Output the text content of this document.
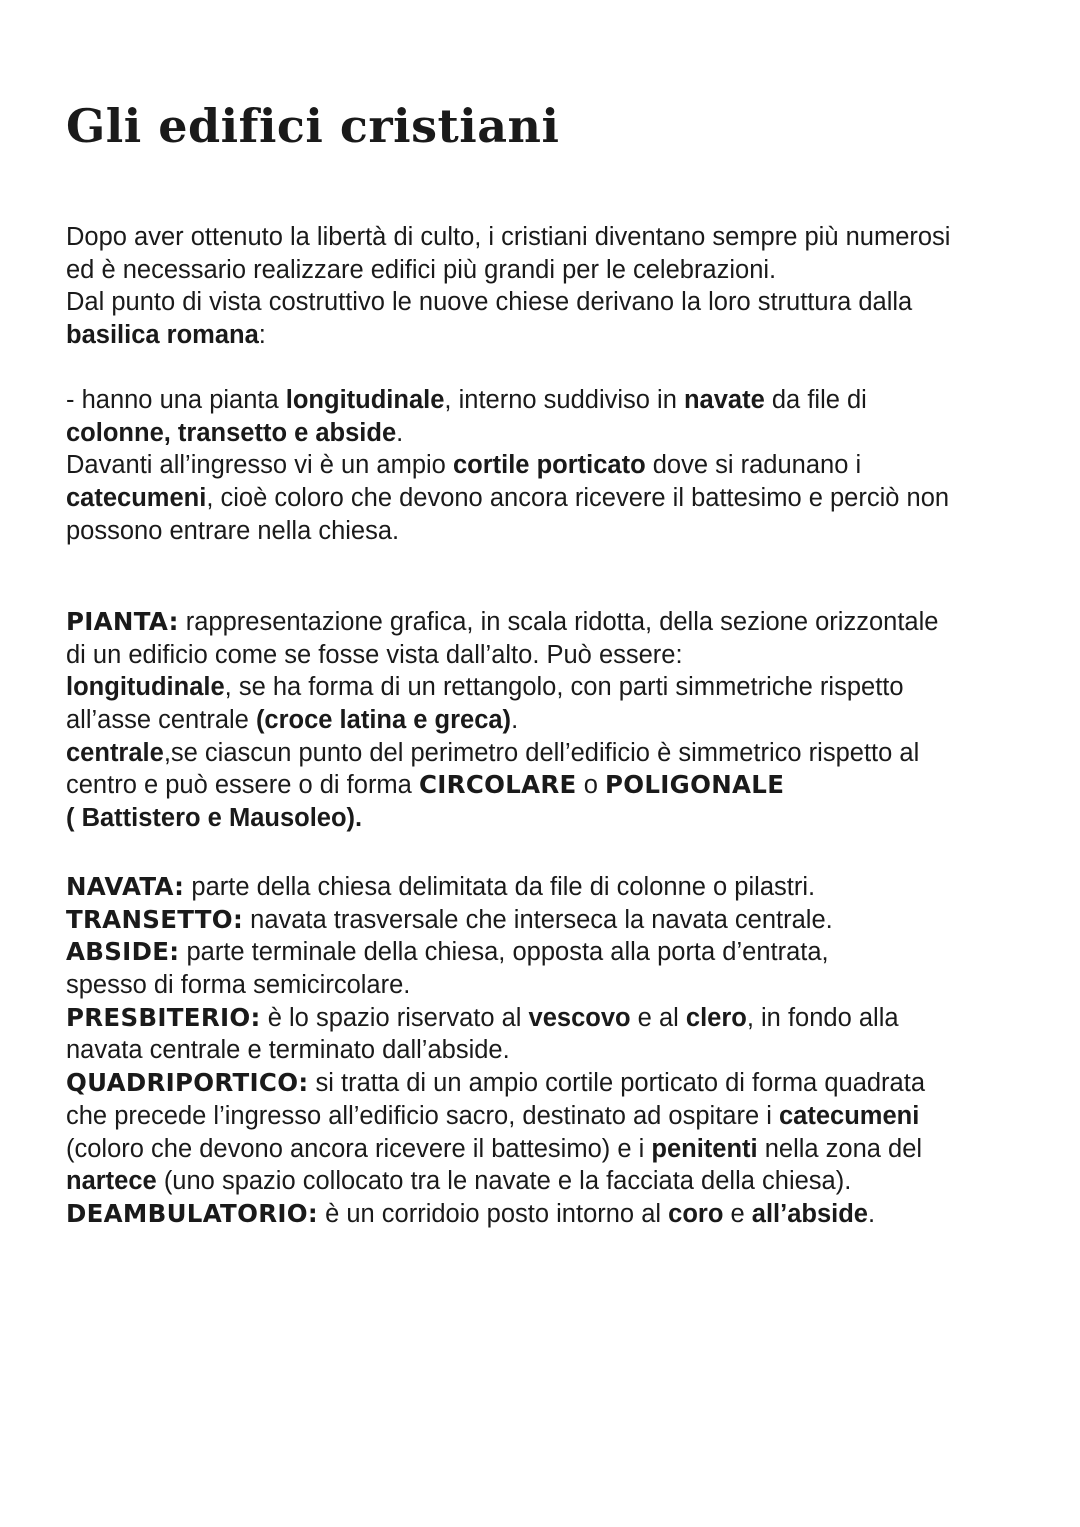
Gli edifici cristiani
Dopo aver ottenuto la libertà di culto, i cristiani diventano sempre più numerosi
ed è necessario realizzare edifici più grandi per le celebrazioni.
Dal punto di vista costruttivo le nuove chiese derivano la loro struttura dalla
basilica romana:
- hanno una pianta longitudinale, interno suddiviso in navate da file di
colonne, transetto e abside.
Davanti all’ingresso vi è un ampio cortile porticato dove si radunano i
catecumeni, cioè coloro che devono ancora ricevere il battesimo e perciò non
possono entrare nella chiesa.
PIANTA: rappresentazione grafica, in scala ridotta, della sezione orizzontale
di un edificio come se fosse vista dall’alto. Può essere:
longitudinale, se ha forma di un rettangolo, con parti simmetriche rispetto
all’asse centrale (croce latina e greca).
centrale,se ciascun punto del perimetro dell’edificio è simmetrico rispetto al
centro e può essere o di forma CIRCOLARE o POLIGONALE
( Battistero e Mausoleo).
NAVATA: parte della chiesa delimitata da file di colonne o pilastri.
TRANSETTO: navata trasversale che interseca la navata centrale.
ABSIDE: parte terminale della chiesa, opposta alla porta d’entrata,
spesso di forma semicircolare.
PRESBITERIO: è lo spazio riservato al vescovo e al clero, in fondo alla
navata centrale e terminato dall’abside.
QUADRIPORTICO: si tratta di un ampio cortile porticato di forma quadrata
che precede l’ingresso all’edificio sacro, destinato ad ospitare i catecumeni
(coloro che devono ancora ricevere il battesimo) e i penitenti nella zona del
nartece (uno spazio collocato tra le navate e la facciata della chiesa).
DEAMBULATORIO: è un corridoio posto intorno al coro e all’abside.
